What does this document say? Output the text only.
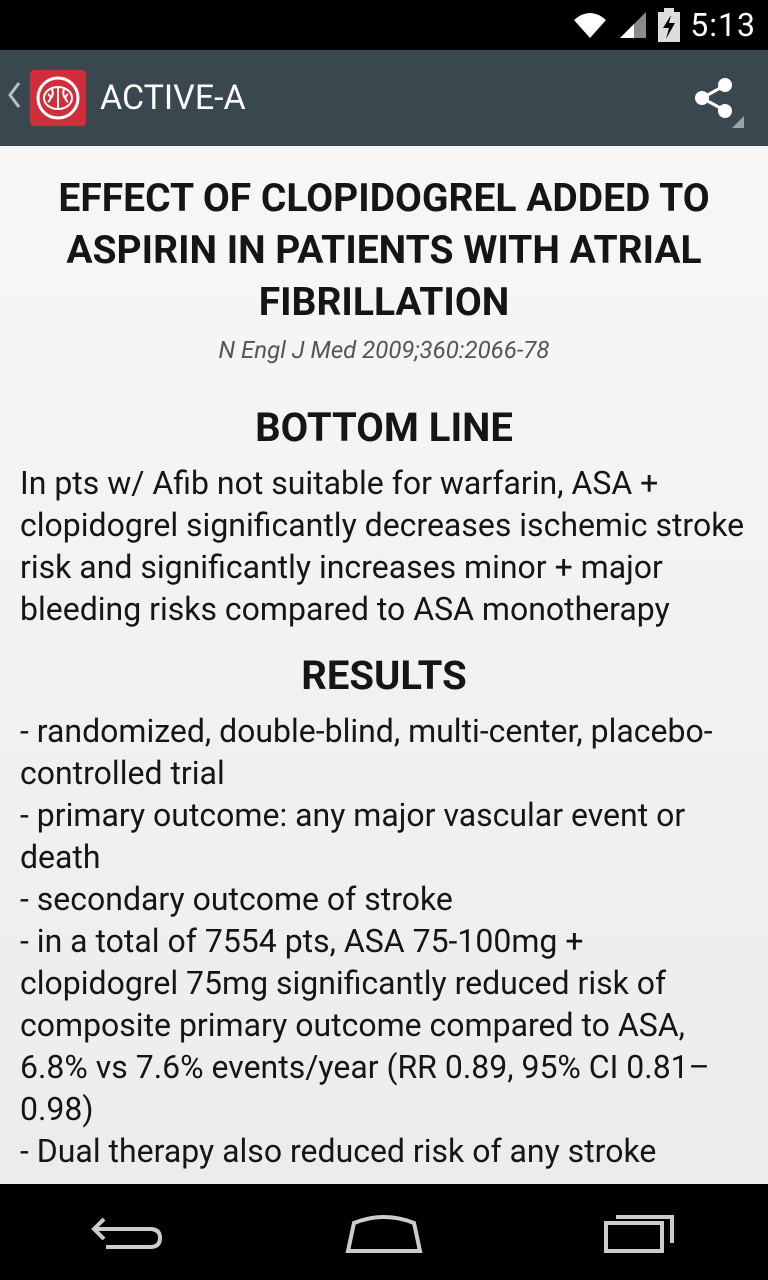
5:13
ACTIVE-A
EFFECT OF CLOPIDOGREL ADDED TO ASPIRIN IN PATIENTS WITH ATRIAL FIBRILLATION
N Engl J Med 2009;360:2066-78
BOTTOM LINE
In pts w/ Afib not suitable for warfarin, ASA + clopidogrel significantly decreases ischemic stroke risk and significantly increases minor + major bleeding risks compared to ASA monotherapy
RESULTS
- randomized, double-blind, multi-center, placebo-controlled trial
- primary outcome: any major vascular event or death
- secondary outcome of stroke
- in a total of 7554 pts, ASA 75-100mg + clopidogrel 75mg significantly reduced risk of composite primary outcome compared to ASA, 6.8% vs 7.6% events/year (RR 0.89, 95% CI 0.81–0.98)
- Dual therapy also reduced risk of any stroke
